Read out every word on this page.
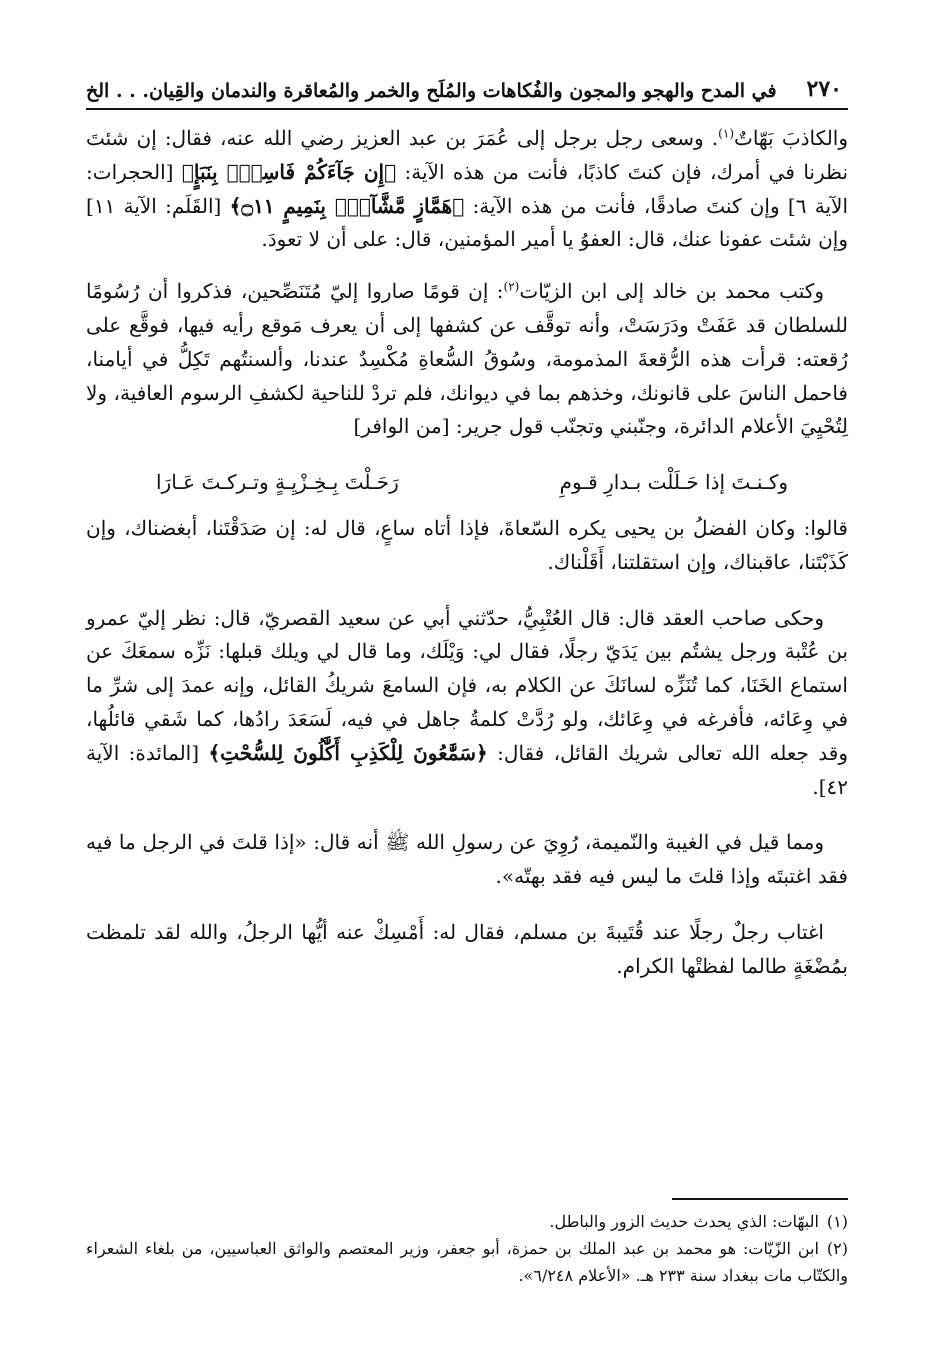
٢٧٠
في المدح والهجو والمجون والفُكاهات والمُلَح والخمر والمُعاقرة والندمان والقِيان. . . الخ

والكاذبَ بَهّاتٌ$^{(١)}$. وسعى رجل برجل إلى عُمَرَ بن عبد العزيز رضي الله عنه، فقال: إن شئتَ نظرنا في أمرك، فإن كنتَ كاذبًا، فأنت من هذه الآية: ﴿إِن جَآءَكُمْ فَاسِقُۢ بِنَبَإٍ﴾ [الحجرات: الآية ٦] وإن كنتَ صادقًا، فأنت من هذه الآية: ﴿هَمَّازٍ مَّشَّآءِۭ بِنَمِيمٍ ۝١١﴾ [القَلَم: الآية ١١] وإن شئت عفونا عنك، قال: العفوُ يا أمير المؤمنين، قال: على أن لا تعودَ.

وكتب محمد بن خالد إلى ابن الزيّات$^{(٢)}$: إن قومًا صاروا إليّ مُتَنَصِّحين، فذكروا أن رُسُومًا للسلطان قد عَفَتْ ودَرَسَتْ، وأنه توقَّف عن كشفها إلى أن يعرف مَوقع رأيه فيها، فوقَّع على رُقعته: قرأت هذه الرُّقعةَ المذمومة، وسُوقُ السُّعاةِ مُكْسِدٌ عندنا، وألسنتُهم تَكِلُّ في أيامنا، فاحمل الناسَ على قانونك، وخذهم بما في ديوانك، فلم تردْ للناحية لكشفِ الرسوم العافية، ولا لِتُحْيِيَ الأعلام الدائرة، وجنّبني وتجنّب قول جرير: [من الوافر]

وكـنـتَ إذا حَـلَلْت بـدارِ قـومِ
رَحَـلْتَ بِـخِـزْيِـةٍ وتـركـتَ عَـارَا

قالوا: وكان الفضلُ بن يحيى يكره السّعاةَ، فإذا أتاه ساعٍ، قال له: إن صَدَقْتَنا، أبغضناك، وإن كَذَبْتَنا، عاقبناك، وإن استقلتنا، أَقَلْناك.

وحكى صاحب العقد قال: قال العُتْبِيُّ، حدّثني أبي عن سعيد القصريّ، قال: نظر إليّ عمرو بن عُتْبة ورجل يشتُم بين يَدَيّ رجلًا، فقال لي: وَيْلَك، وما قال لي ويلك قبلها: نَزِّه سمعَكَ عن استماع الخَنَا، كما تُنَزِّه لسانَكَ عن الكلام به، فإن السامعَ شريكُ القائل، وإنه عمدَ إلى شرِّ ما في وِعَائه، فأفرغه في وِعَائك، ولو رُدَّتْ كلمةُ جاهل في فيه، لَسَعَدَ رادُها، كما شَقي قائلُها، وقد جعله الله تعالى شريك القائل، فقال: ﴿سَمَّٰعُونَ لِلْكَذِبِ أَكَّٰلُونَ لِلسُّحْتِ﴾ [المائدة: الآية ٤٢].

ومما قيل في الغيبة والنّميمة، رُوِيَ عن رسولِ الله ﷺ أنه قال: «إذا قلتَ في الرجل ما فيه فقد اغتبتَه وإذا قلتَ ما ليس فيه فقد بهتّه».

اغتاب رجلٌ رجلًا عند قُتَيبةَ بن مسلم، فقال له: أَمْسِكْ عنه أيُّها الرجلُ، والله لقد تلمظت بمُضْغَةٍ طالما لفظتْها الكرام.

(١)البهّات: الذي يحدث حديث الزور والباطل.

(٢)ابن الزّيّات: هو محمد بن عبد الملك بن حمزة، أبو جعفر، وزير المعتصم والواثق العباسيين، من بلغاء الشعراء والكتّاب مات ببغداد سنة ٢٣٣ هـ. «الأعلام ٦/٢٤٨».
